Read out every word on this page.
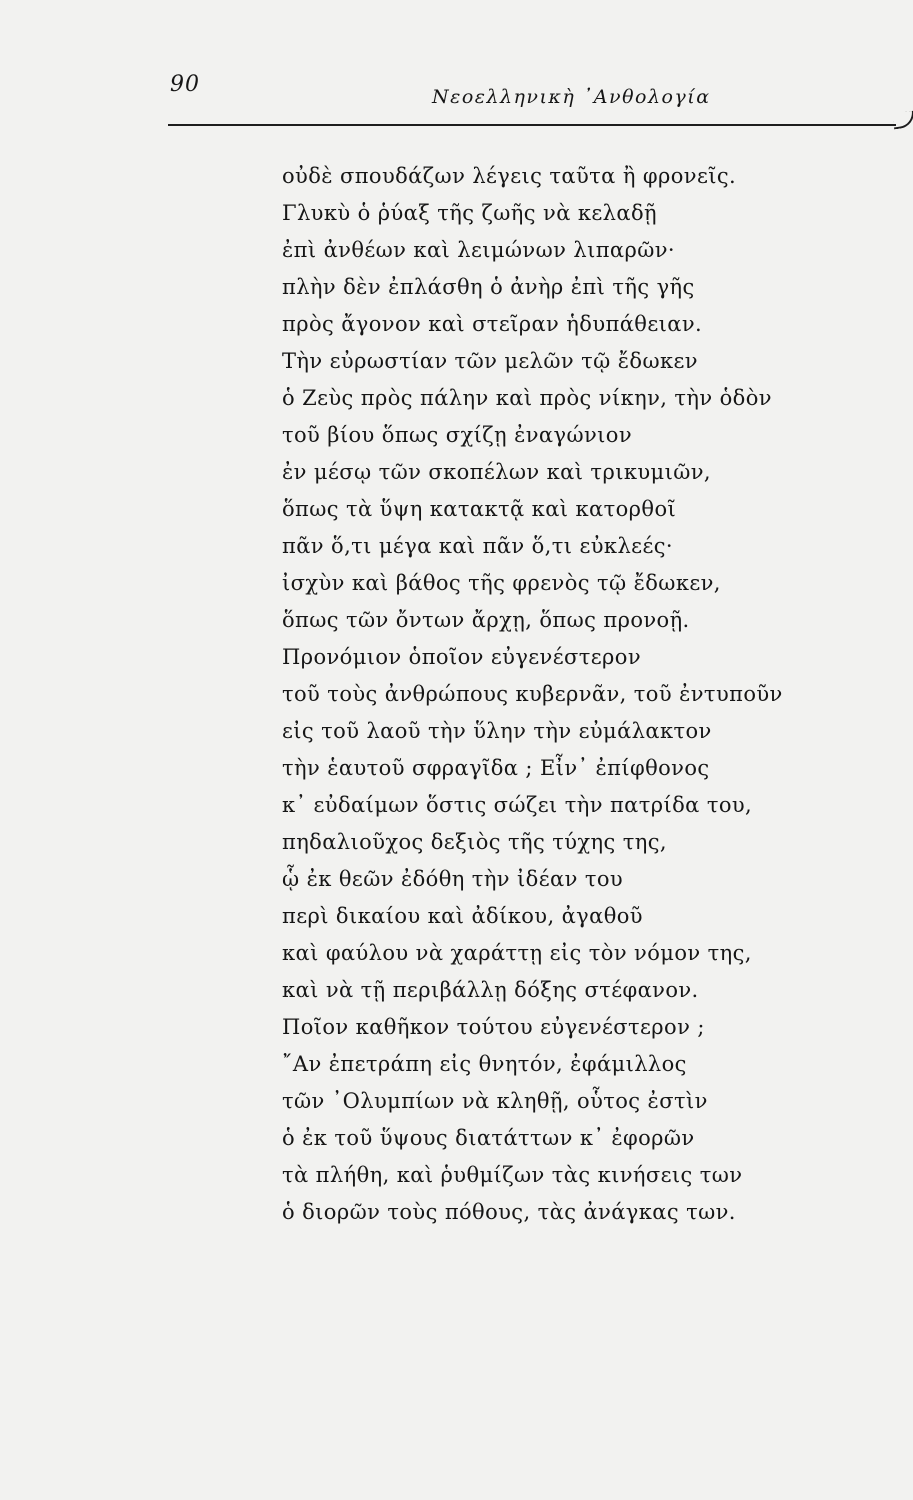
90	Νεοελληνικὴ ᾿Ανθολογία
οὐδὲ σπουδάζων λέγεις ταῦτα ἢ φρονεῖς.
Γλυκὺ ὁ ῥύαξ τῆς ζωῆς νὰ κελαδῇ
ἐπὶ ἀνθέων καὶ λειμώνων λιπαρῶν·
πλὴν δὲν ἐπλάσθη ὁ ἀνὴρ ἐπὶ τῆς γῆς
πρὸς ἄγονον καὶ στεῖραν ἡδυπάθειαν.
Τὴν εὐρωστίαν τῶν μελῶν τῷ ἔδωκεν
ὁ Ζεὺς πρὸς πάλην καὶ πρὸς νίκην, τὴν ὁδὸν
τοῦ βίου ὅπως σχίζῃ ἐναγώνιον
ἐν μέσῳ τῶν σκοπέλων καὶ τρικυμιῶν,
ὅπως τὰ ὕψη κατακτᾷ καὶ κατορθοῖ
πᾶν ὅ,τι μέγα καὶ πᾶν ὅ,τι εὐκλεές·
ἰσχὺν καὶ βάθος τῆς φρενὸς τῷ ἔδωκεν,
ὅπως τῶν ὄντων ἄρχῃ, ὅπως προνοῇ.
Προνόμιον ὁποῖον εὐγενέστερον
τοῦ τοὺς ἀνθρώπους κυβερνᾶν, τοῦ ἐντυποῦν
εἰς τοῦ λαοῦ τὴν ὕλην τὴν εὐμάλακτον
τὴν ἑαυτοῦ σφραγῖδα ; Εἶν᾿ ἐπίφθονος
κ᾿ εὐδαίμων ὅστις σώζει τὴν πατρίδα του,
πηδαλιοῦχος δεξιὸς τῆς τύχης της,
ᾧ ἐκ θεῶν ἐδόθη τὴν ἰδέαν του
περὶ δικαίου καὶ ἀδίκου, ἀγαθοῦ
καὶ φαύλου νὰ χαράττῃ εἰς τὸν νόμον της,
καὶ νὰ τῇ περιβάλλῃ δόξης στέφανον.
Ποῖον καθῆκον τούτου εὐγενέστερον ;
῎Αν ἐπετράπη εἰς θνητόν, ἐφάμιλλος
τῶν ᾿Ολυμπίων νὰ κληθῇ, οὗτος ἐστὶν
ὁ ἐκ τοῦ ὕψους διατάττων κ᾿ ἐφορῶν
τὰ πλήθη, καὶ ῥυθμίζων τὰς κινήσεις των
ὁ διορῶν τοὺς πόθους, τὰς ἀνάγκας των.
